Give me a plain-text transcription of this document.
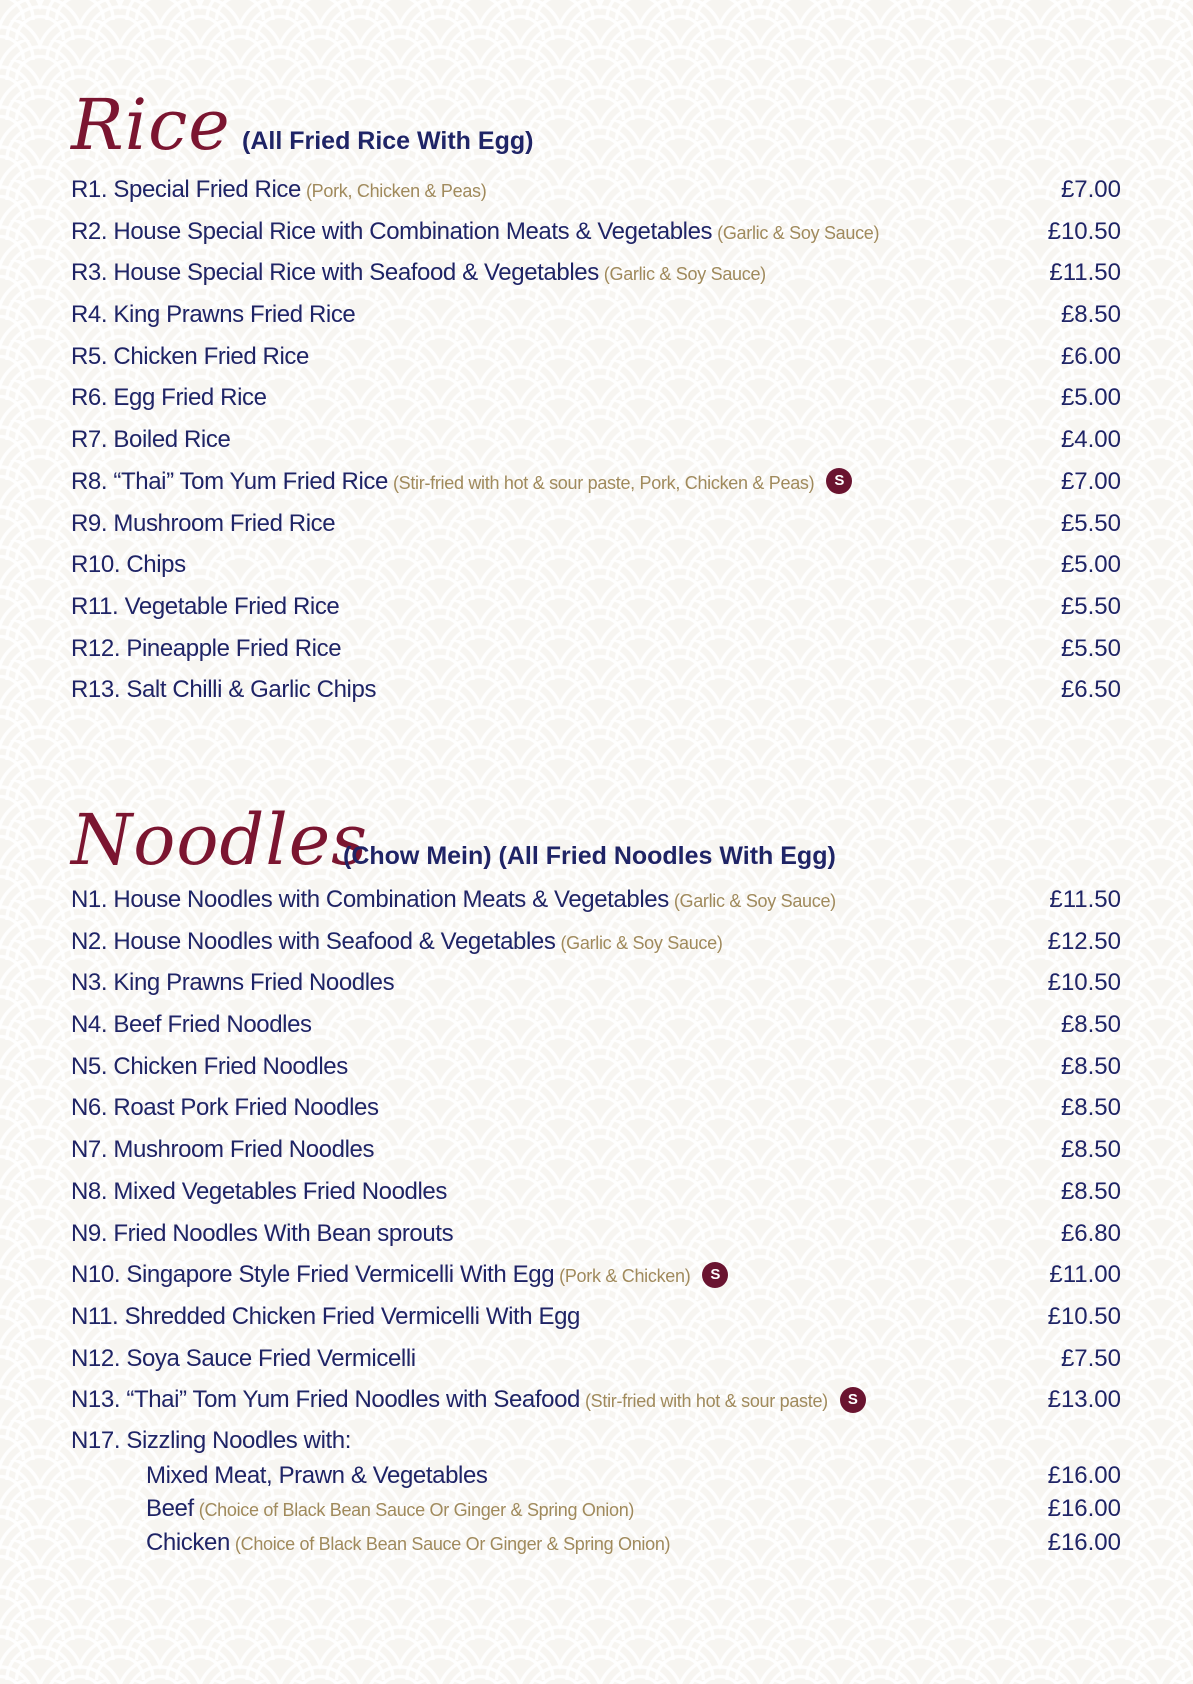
Rice (All Fried Rice With Egg)
R1. Special Fried Rice (Pork, Chicken & Peas)	£7.00
R2. House Special Rice with Combination Meats & Vegetables (Garlic & Soy Sauce)	£10.50
R3. House Special Rice with Seafood & Vegetables (Garlic & Soy Sauce)	£11.50
R4. King Prawns Fried Rice	£8.50
R5. Chicken Fried Rice	£6.00
R6. Egg Fried Rice	£5.00
R7. Boiled Rice	£4.00
R8. “Thai” Tom Yum Fried Rice (Stir-fried with hot & sour paste, Pork, Chicken & Peas) S	£7.00
R9. Mushroom Fried Rice	£5.50
R10. Chips	£5.00
R11. Vegetable Fried Rice	£5.50
R12. Pineapple Fried Rice	£5.50
R13. Salt Chilli & Garlic Chips	£6.50
Noodles
(Chow Mein) (All Fried Noodles With Egg)
N1. House Noodles with Combination Meats & Vegetables (Garlic & Soy Sauce)	£11.50
N2. House Noodles with Seafood & Vegetables (Garlic & Soy Sauce)	£12.50
N3. King Prawns Fried Noodles	£10.50
N4. Beef Fried Noodles	£8.50
N5. Chicken Fried Noodles	£8.50
N6. Roast Pork Fried Noodles	£8.50
N7. Mushroom Fried Noodles	£8.50
N8. Mixed Vegetables Fried Noodles	£8.50
N9. Fried Noodles With Bean sprouts	£6.80
N10. Singapore Style Fried Vermicelli With Egg (Pork & Chicken) S	£11.00
N11. Shredded Chicken Fried Vermicelli With Egg	£10.50
N12. Soya Sauce Fried Vermicelli	£7.50
N13. “Thai” Tom Yum Fried Noodles with Seafood (Stir-fried with hot & sour paste) S	£13.00
N17. Sizzling Noodles with:
Mixed Meat, Prawn & Vegetables	£16.00
Beef (Choice of Black Bean Sauce Or Ginger & Spring Onion)	£16.00
Chicken (Choice of Black Bean Sauce Or Ginger & Spring Onion)	£16.00
